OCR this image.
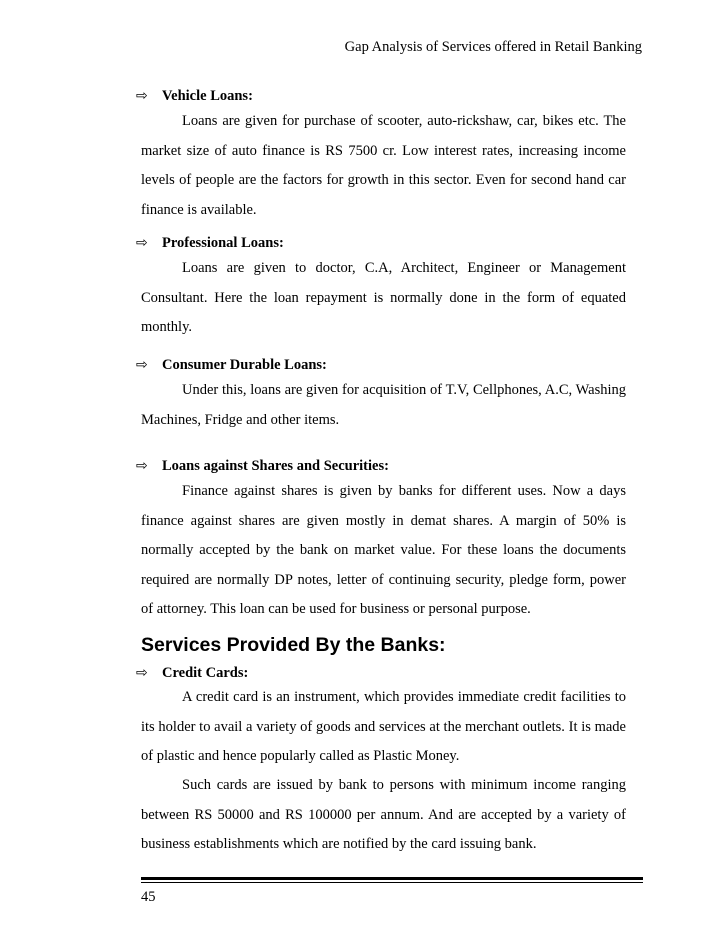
Gap Analysis of Services offered in Retail Banking
⇨ Vehicle Loans:

Loans are given for purchase of scooter, auto-rickshaw, car, bikes etc. The market size of auto finance is RS 7500 cr. Low interest rates, increasing income levels of people are the factors for growth in this sector. Even for second hand car finance is available.

⇨ Professional Loans:

Loans are given to doctor, C.A, Architect, Engineer or Management Consultant. Here the loan repayment is normally done in the form of equated monthly.

⇨ Consumer Durable Loans:

Under this, loans are given for acquisition of T.V, Cellphones, A.C, Washing Machines, Fridge and other items.

⇨ Loans against Shares and Securities:

Finance against shares is given by banks for different uses. Now a days finance against shares are given mostly in demat shares. A margin of 50% is normally accepted by the bank on market value. For these loans the documents required are normally DP notes, letter of continuing security, pledge form, power of attorney. This loan can be used for business or personal purpose.

Services Provided By the Banks:
⇨ Credit Cards:

A credit card is an instrument, which provides immediate credit facilities to its holder to avail a variety of goods and services at the merchant outlets. It is made of plastic and hence popularly called as Plastic Money.

Such cards are issued by bank to persons with minimum income ranging between RS 50000 and RS 100000 per annum. And are accepted by a variety of business establishments which are notified by the card issuing bank.

45
